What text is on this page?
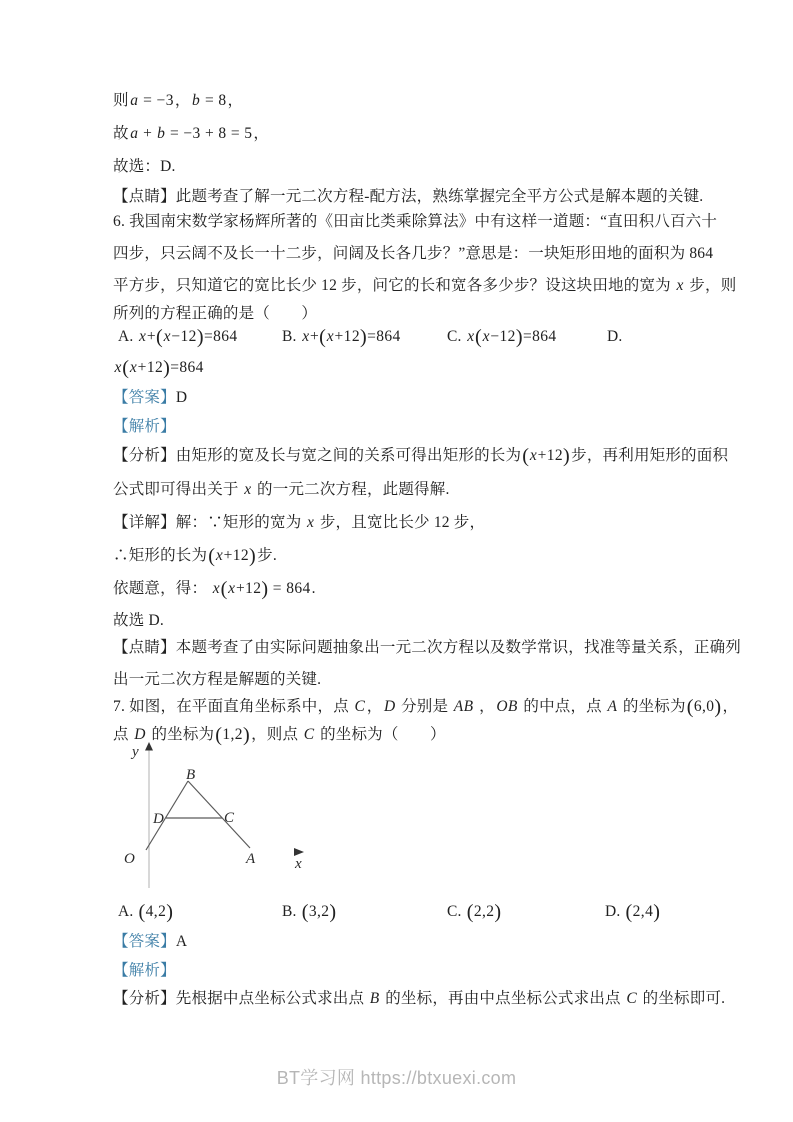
则a = −3，b = 8，
故a + b = −3 + 8 = 5，
故选：D.
【点睛】此题考查了解一元二次方程-配方法，熟练掌握完全平方公式是解本题的关键.
6. 我国南宋数学家杨辉所著的《田亩比类乘除算法》中有这样一道题：“直田积八百六十
四步，只云阔不及长一十二步，问阔及长各几步？”意思是：一块矩形田地的面积为 864
平方步，只知道它的宽比长少 12 步，问它的长和宽各多少步？设这块田地的宽为 x 步，则
所列的方程正确的是（　　）
A. x+(x−12)=864	B. x+(x+12)=864	C. x(x−12)=864	D.
x(x+12)=864
【答案】D
【解析】
【分析】由矩形的宽及长与宽之间的关系可得出矩形的长为(x+12)步，再利用矩形的面积
公式即可得出关于 x 的一元二次方程，此题得解.
【详解】解：∵矩形的宽为 x 步，且宽比长少 12 步，
∴矩形的长为(x+12)步.
依题意，得： x(x+12) = 864.
故选 D.
【点睛】本题考查了由实际问题抽象出一元二次方程以及数学常识，找准等量关系，正确列
出一元二次方程是解题的关键.
7. 如图，在平面直角坐标系中，点 C，D 分别是 AB ，OB 的中点，点 A 的坐标为(6,0)，
点 D 的坐标为(1,2)，则点 C 的坐标为（　　）
A. (4,2)	B. (3,2)	C. (2,2)	D. (2,4)
【答案】A
【解析】
【分析】先根据中点坐标公式求出点 B 的坐标，再由中点坐标公式求出点 C 的坐标即可.
y
B
D	C
O	A	x
BT学习网 https://btxuexi.com
